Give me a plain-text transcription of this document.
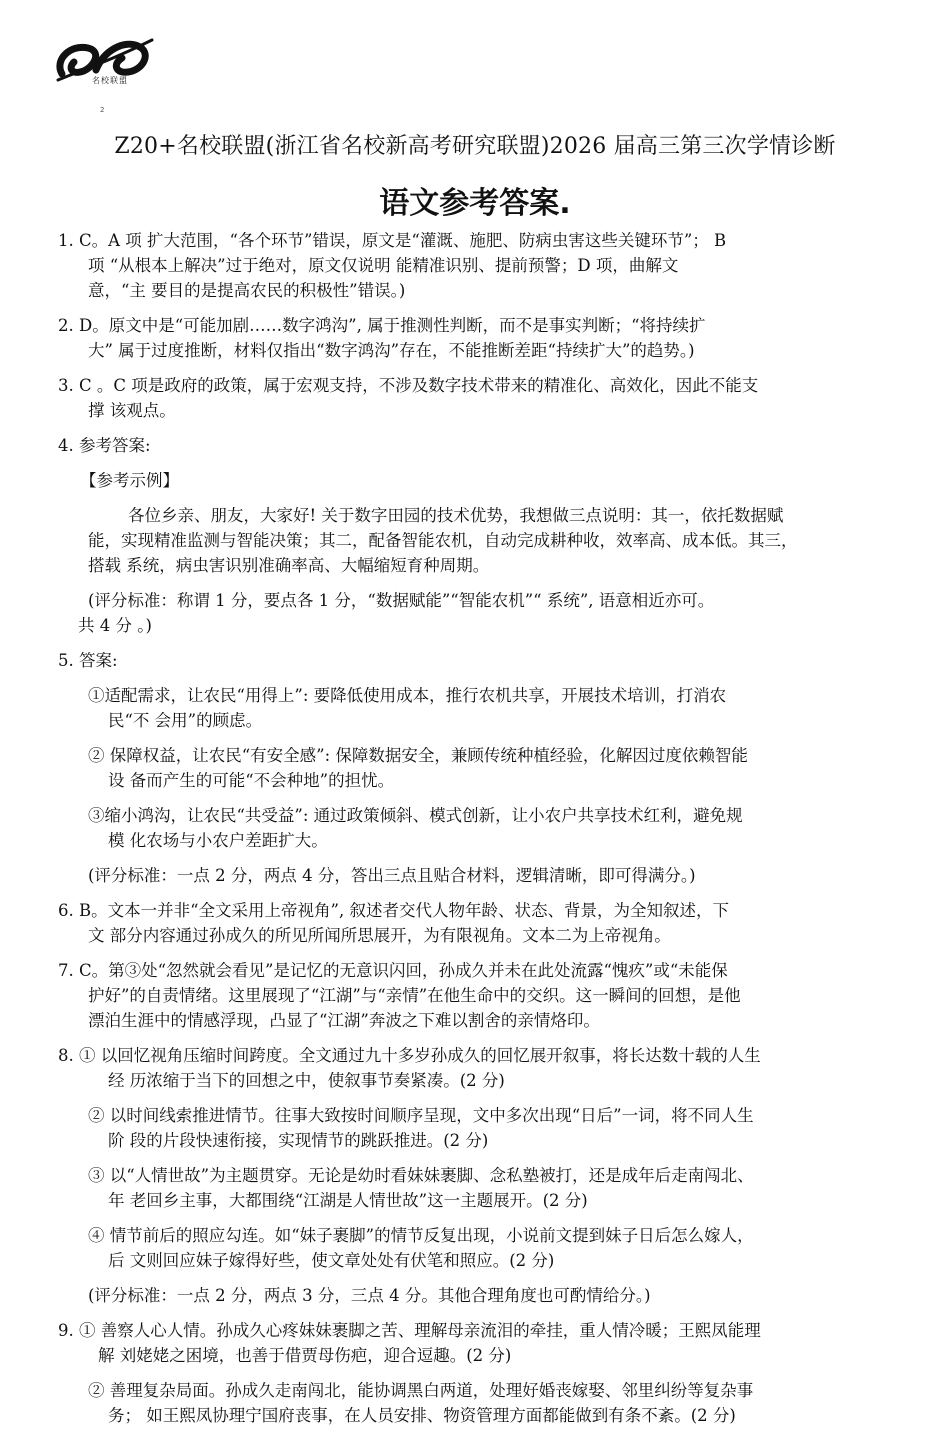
名校联盟
2
Z20+名校联盟(浙江省名校新高考研究联盟)2026 届高三第三次学情诊断
语文参考答案.
1. C。A 项 扩大范围，“各个环节”错误，原文是“灌溉、施肥、防病虫害这些关键环节”； B
项 “从根本上解决”过于绝对，原文仅说明 能精准识别、提前预警；D 项，曲解文
意，“主 要目的是提高农民的积极性”错误。)
2. D。原文中是“可能加剧……数字鸿沟”, 属于推测性判断，而不是事实判断；“将持续扩
大” 属于过度推断，材料仅指出“数字鸿沟”存在，不能推断差距“持续扩大”的趋势。)
3. C 。C 项是政府的政策，属于宏观支持，不涉及数字技术带来的精准化、高效化，因此不能支
撑 该观点。
4. 参考答案:
【参考示例】
各位乡亲、朋友，大家好! 关于数字田园的技术优势，我想做三点说明：其一，依托数据赋
能，实现精准监测与智能决策；其二，配备智能农机，自动完成耕种收，效率高、成本低。其三，
搭载 系统，病虫害识别准确率高、大幅缩短育种周期。
(评分标准：称谓 1 分，要点各 1 分，“数据赋能”“智能农机”“ 系统”, 语意相近亦可。
共 4 分 。)
5. 答案:
①适配需求，让农民“用得上”: 要降低使用成本，推行农机共享，开展技术培训，打消农
民“不 会用”的顾虑。
② 保障权益，让农民“有安全感”: 保障数据安全，兼顾传统种植经验，化解因过度依赖智能
设 备而产生的可能“不会种地”的担忧。
③缩小鸿沟，让农民“共受益”: 通过政策倾斜、模式创新，让小农户共享技术红利，避免规
模 化农场与小农户差距扩大。
(评分标准：一点 2 分，两点 4 分，答出三点且贴合材料，逻辑清晰，即可得满分。)
6. B。文本一并非“全文采用上帝视角”, 叙述者交代人物年龄、状态、背景，为全知叙述，下
文 部分内容通过孙成久的所见所闻所思展开，为有限视角。文本二为上帝视角。
7. C。第③处“忽然就会看见”是记忆的无意识闪回，孙成久并未在此处流露“愧疚”或“未能保
护好”的自责情绪。这里展现了“江湖”与“亲情”在他生命中的交织。这一瞬间的回想，是他
漂泊生涯中的情感浮现，凸显了“江湖”奔波之下难以割舍的亲情烙印。
8. ① 以回忆视角压缩时间跨度。全文通过九十多岁孙成久的回忆展开叙事，将长达数十载的人生
经 历浓缩于当下的回想之中，使叙事节奏紧凑。(2 分)
② 以时间线索推进情节。往事大致按时间顺序呈现，文中多次出现“日后”一词，将不同人生
阶 段的片段快速衔接，实现情节的跳跃推进。(2 分)
③ 以“人情世故”为主题贯穿。无论是幼时看妹妹裹脚、念私塾被打，还是成年后走南闯北、
年 老回乡主事，大都围绕“江湖是人情世故”这一主题展开。(2 分)
④ 情节前后的照应勾连。如“妹子裹脚”的情节反复出现，小说前文提到妹子日后怎么嫁人，
后 文则回应妹子嫁得好些，使文章处处有伏笔和照应。(2 分)
(评分标准：一点 2 分，两点 3 分，三点 4 分。其他合理角度也可酌情给分。)
9. ① 善察人心人情。孙成久心疼妹妹裹脚之苦、理解母亲流泪的牵挂，重人情冷暖；王熙凤能理
解 刘姥姥之困境，也善于借贾母伤疤，迎合逗趣。(2 分)
② 善理复杂局面。孙成久走南闯北，能协调黑白两道，处理好婚丧嫁娶、邻里纠纷等复杂事
务； 如王熙凤协理宁国府丧事，在人员安排、物资管理方面都能做到有条不紊。(2 分)
